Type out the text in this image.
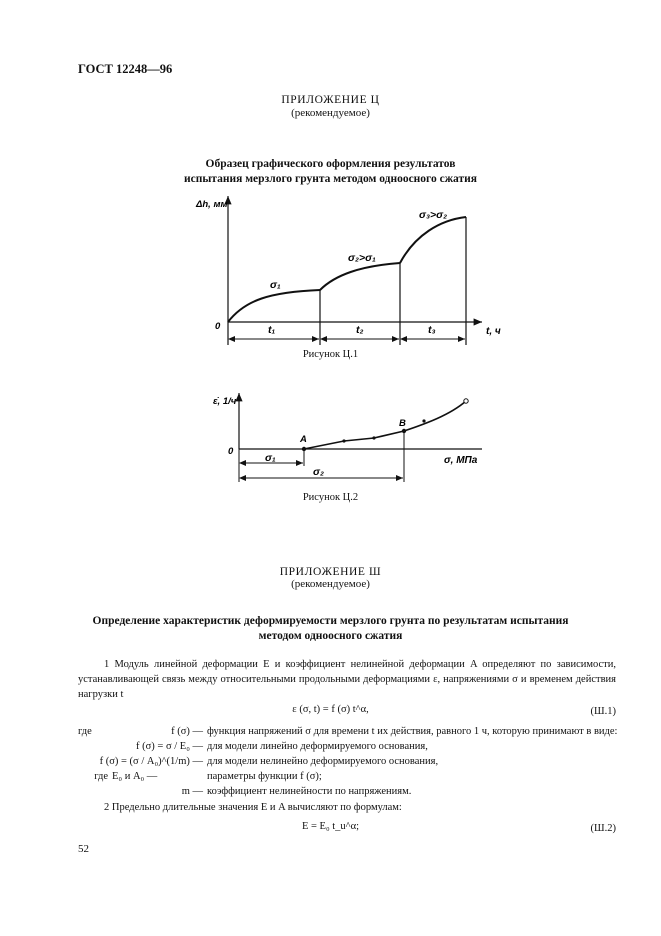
ГОСТ 12248—96
ПРИЛОЖЕНИЕ Ц
(рекомендуемое)
Образец графического оформления результатов
испытания мерзлого грунта методом одноосного сжатия
Δh, мм
t, ч
0
σ₁
σ₂>σ₁
σ₃>σ₂
t₁	t₂	t₃
ε̇, 1/ч
σ, МПа
0
A
B
σ₁
σ₂
Рисунок Ц.1
Рисунок Ц.2
ПРИЛОЖЕНИЕ Ш
(рекомендуемое)
Определение характеристик деформируемости мерзлого грунта по результатам испытания
методом одноосного сжатия
1 Модуль линейной деформации E и коэффициент нелинейной деформации A определяют по зависимости, устанавливающей связь между относительными продольными деформациями ε, напряжениями σ и временем действия нагрузки t
ε (σ, t) = f (σ) t^α,	(Ш.1)
где	f (σ) — функция напряжений σ для времени t их действия, равного 1 ч, которую принимают в виде:
f (σ) = σ / E₀ — для модели линейно деформируемого основания,
f (σ) = (σ / A₀)^(1/m) — для модели нелинейно деформируемого основания,
где E₀ и A₀ —	параметры функции f (σ);
m — коэффициент нелинейности по напряжениям.
2 Предельно длительные значения E и A вычисляют по формулам:
E = E₀ t_u^α;	(Ш.2)
52
